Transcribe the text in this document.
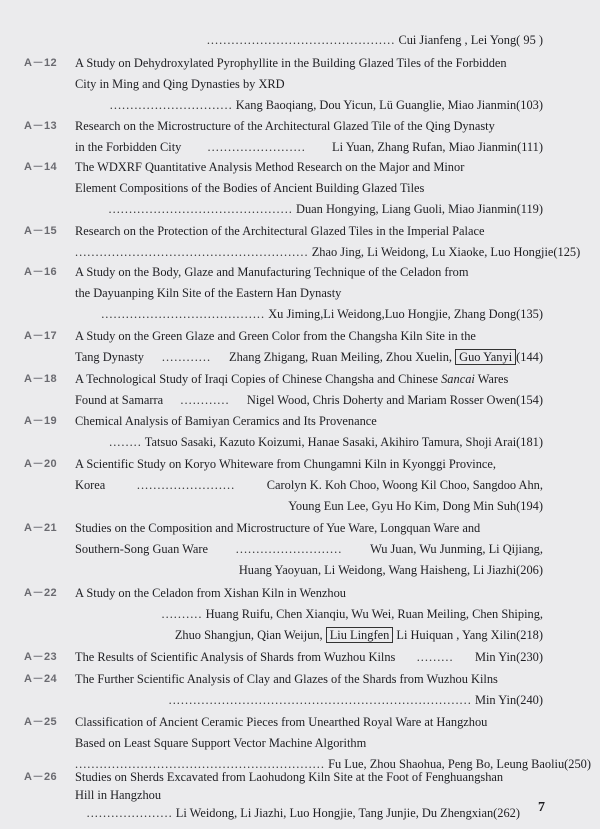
.............................................. Cui Jianfeng , Lei Yong( 95 )
A－12	A Study on Dehydroxylated Pyrophyllite in the Building Glazed Tiles of the Forbidden
City in Ming and Qing Dynasties by XRD
.............................. Kang Baoqiang, Dou Yicun, Lü Guanglie, Miao Jianmin(103)
A－13	Research on the Microstructure of the Architectural Glazed Tile of the Qing Dynasty
in the Forbidden City ........................ Li Yuan, Zhang Rufan, Miao Jianmin(111)
A－14	The WDXRF Quantitative Analysis Method Research on the Major and Minor
Element Compositions of the Bodies of Ancient Building Glazed Tiles
............................................. Duan Hongying, Liang Guoli, Miao Jianmin(119)
A－15	Research on the Protection of the Architectural Glazed Tiles in the Imperial Palace
......................................................... Zhao Jing, Li Weidong, Lu Xiaoke, Luo Hongjie(125)
A－16	A Study on the Body, Glaze and Manufacturing Technique of the Celadon from
the Dayuanping Kiln Site of the Eastern Han Dynasty
........................................ Xu Jiming,Li Weidong,Luo Hongjie, Zhang Dong(135)
A－17	A Study on the Green Glaze and Green Color from the Changsha Kiln Site in the
Tang Dynasty ............ Zhang Zhigang, Ruan Meiling, Zhou Xuelin, Guo Yanyi (144)
A－18	A Technological Study of Iraqi Copies of Chinese Changsha and Chinese Sancai Wares
Found at Samarra ............ Nigel Wood, Chris Doherty and Mariam Rosser Owen(154)
A－19	Chemical Analysis of Bamiyan Ceramics and Its Provenance
........ Tatsuo Sasaki, Kazuto Koizumi, Hanae Sasaki, Akihiro Tamura, Shoji Arai(181)
A－20	A Scientific Study on Koryo Whiteware from Chungamni Kiln in Kyonggi Province,
Korea	........................	Carolyn K. Koh Choo, Woong Kil Choo, Sangdoo Ahn,
Young Eun Lee, Gyu Ho Kim, Dong Min Suh(194)
A－21	Studies on the Composition and Microstructure of Yue Ware, Longquan Ware and
Southern-Song Guan Ware .......................... Wu Juan, Wu Junming, Li Qijiang,
Huang Yaoyuan, Li Weidong, Wang Haisheng, Li Jiazhi(206)
A－22	A Study on the Celadon from Xishan Kiln in Wenzhou
.......... Huang Ruifu, Chen Xianqiu, Wu Wei, Ruan Meiling, Chen Shiping,
Zhuo Shangjun, Qian Weijun, Liu Lingfen Li Huiquan , Yang Xilin(218)
A－23	The Results of Scientific Analysis of Shards from Wuzhou Kilns ......... Min Yin(230)
A－24	The Further Scientific Analysis of Clay and Glazes of the Shards from Wuzhou Kilns
.......................................................................... Min Yin(240)
A－25	Classification of Ancient Ceramic Pieces from Unearthed Royal Ware at Hangzhou
Based on Least Square Support Vector Machine Algorithm
............................................................. Fu Lue, Zhou Shaohua, Peng Bo, Leung Baoliu(250)
A－26	Studies on Sherds Excavated from Laohudong Kiln Site at the Foot of Fenghuangshan
Hill in Hangzhou
..................... Li Weidong, Li Jiazhi, Luo Hongjie, Tang Junjie, Du Zhengxian(262) 7
